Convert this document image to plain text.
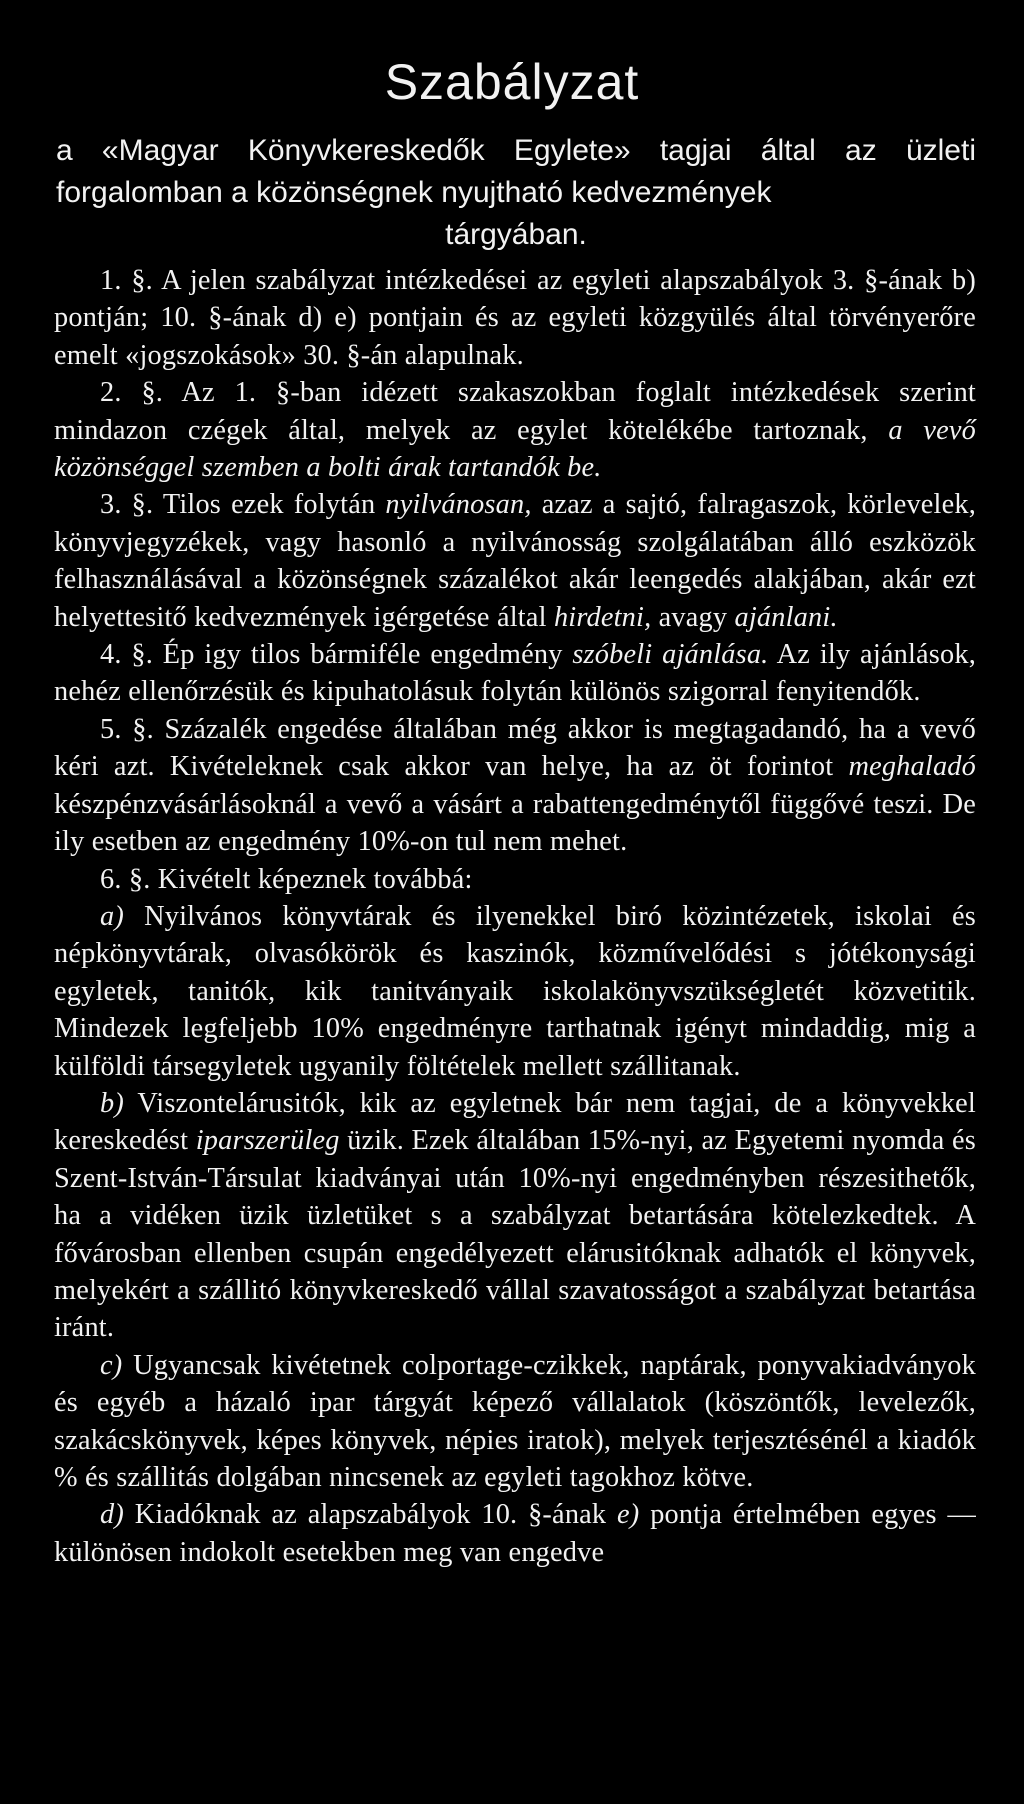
Szabályzat
a «Magyar Könyvkereskedők Egylete» tagjai által az üzleti forgalomban a közönségnek nyujtható kedvezmények
tárgyában.

1. §. A jelen szabályzat intézkedései az egyleti alapszabályok 3. §-ának b) pontján; 10. §-ának d) e) pontjain és az egyleti közgyülés által törvényerőre emelt «jogszokások» 30. §-án alapulnak.

2. §. Az 1. §-ban idézett szakaszokban foglalt intézkedések szerint mindazon czégek által, melyek az egylet kötelékébe tartoznak, a vevő közönséggel szemben a bolti árak tartandók be.

3. §. Tilos ezek folytán nyilvánosan, azaz a sajtó, falragaszok, körlevelek, könyvjegyzékek, vagy hasonló a nyilvánosság szolgálatában álló eszközök felhasználásával a közönségnek százalékot akár leengedés alakjában, akár ezt helyettesitő kedvezmények igérgetése által hirdetni, avagy ajánlani.

4. §. Ép igy tilos bármiféle engedmény szóbeli ajánlása. Az ily ajánlások, nehéz ellenőrzésük és kipuhatolásuk folytán különös szigorral fenyitendők.

5. §. Százalék engedése általában még akkor is megtagadandó, ha a vevő kéri azt. Kivételeknek csak akkor van helye, ha az öt forintot meghaladó készpénzvásárlásoknál a vevő a vásárt a rabattengedménytől függővé teszi. De ily esetben az engedmény 10%-on tul nem mehet.

6. §. Kivételt képeznek továbbá:

a) Nyilvános könyvtárak és ilyenekkel biró közintézetek, iskolai és népkönyvtárak, olvasókörök és kaszinók, közművelődési s jótékonysági egyletek, tanitók, kik tanitványaik iskolakönyvszükségletét közvetitik. Mindezek legfeljebb 10% engedményre tarthatnak igényt mindaddig, mig a külföldi társegyletek ugyanily föltételek mellett szállitanak.

b) Viszontelárusitók, kik az egyletnek bár nem tagjai, de a könyvekkel kereskedést iparszerüleg üzik. Ezek általában 15%-nyi, az Egyetemi nyomda és Szent-István-Társulat kiadványai után 10%-nyi engedményben részesithetők, ha a vidéken üzik üzletüket s a szabályzat betartására kötelezkedtek. A fővárosban ellenben csupán engedélyezett elárusitóknak adhatók el könyvek, melyekért a szállitó könyvkereskedő vállal szavatosságot a szabályzat betartása iránt.

c) Ugyancsak kivétetnek colportage-czikkek, naptárak, ponyvakiadványok és egyéb a házaló ipar tárgyát képező vállalatok (köszöntők, levelezők, szakácskönyvek, képes könyvek, népies iratok), melyek terjesztésénél a kiadók % és szállitás dolgában nincsenek az egyleti tagokhoz kötve.

d) Kiadóknak az alapszabályok 10. §-ának e) pontja értelmében egyes — különösen indokolt esetekben meg van engedve
